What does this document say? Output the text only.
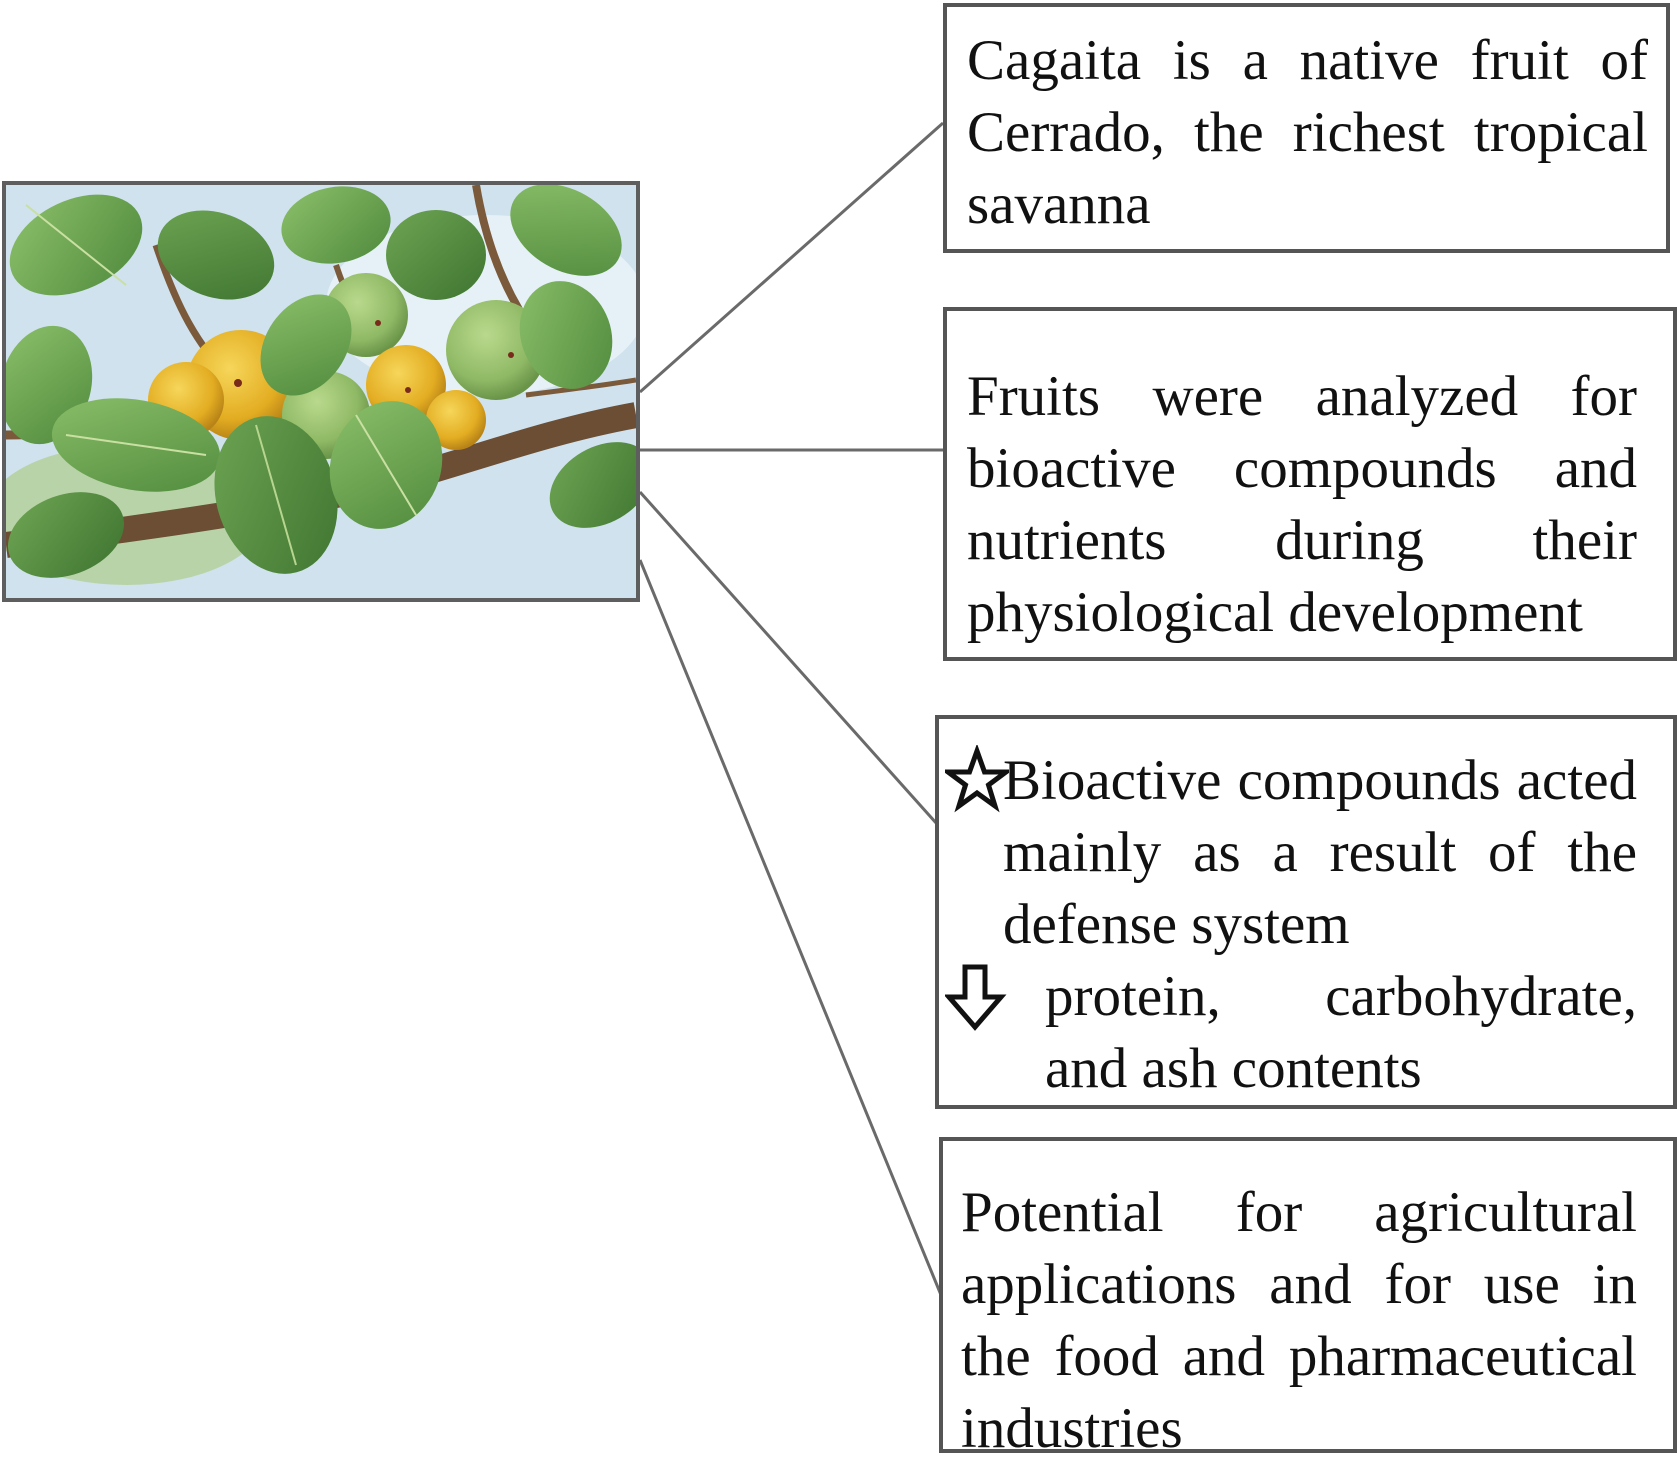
Cagaita is a native fruit of Cerrado, the richest tropical savanna

Fruits were analyzed for bioactive compounds and nutrients during their physiological development

Bioactive compounds acted mainly as a result of the defense system
protein, carbohydrate, and ash contents

Potential for agricultural applications and for use in the food and pharmaceutical industries
